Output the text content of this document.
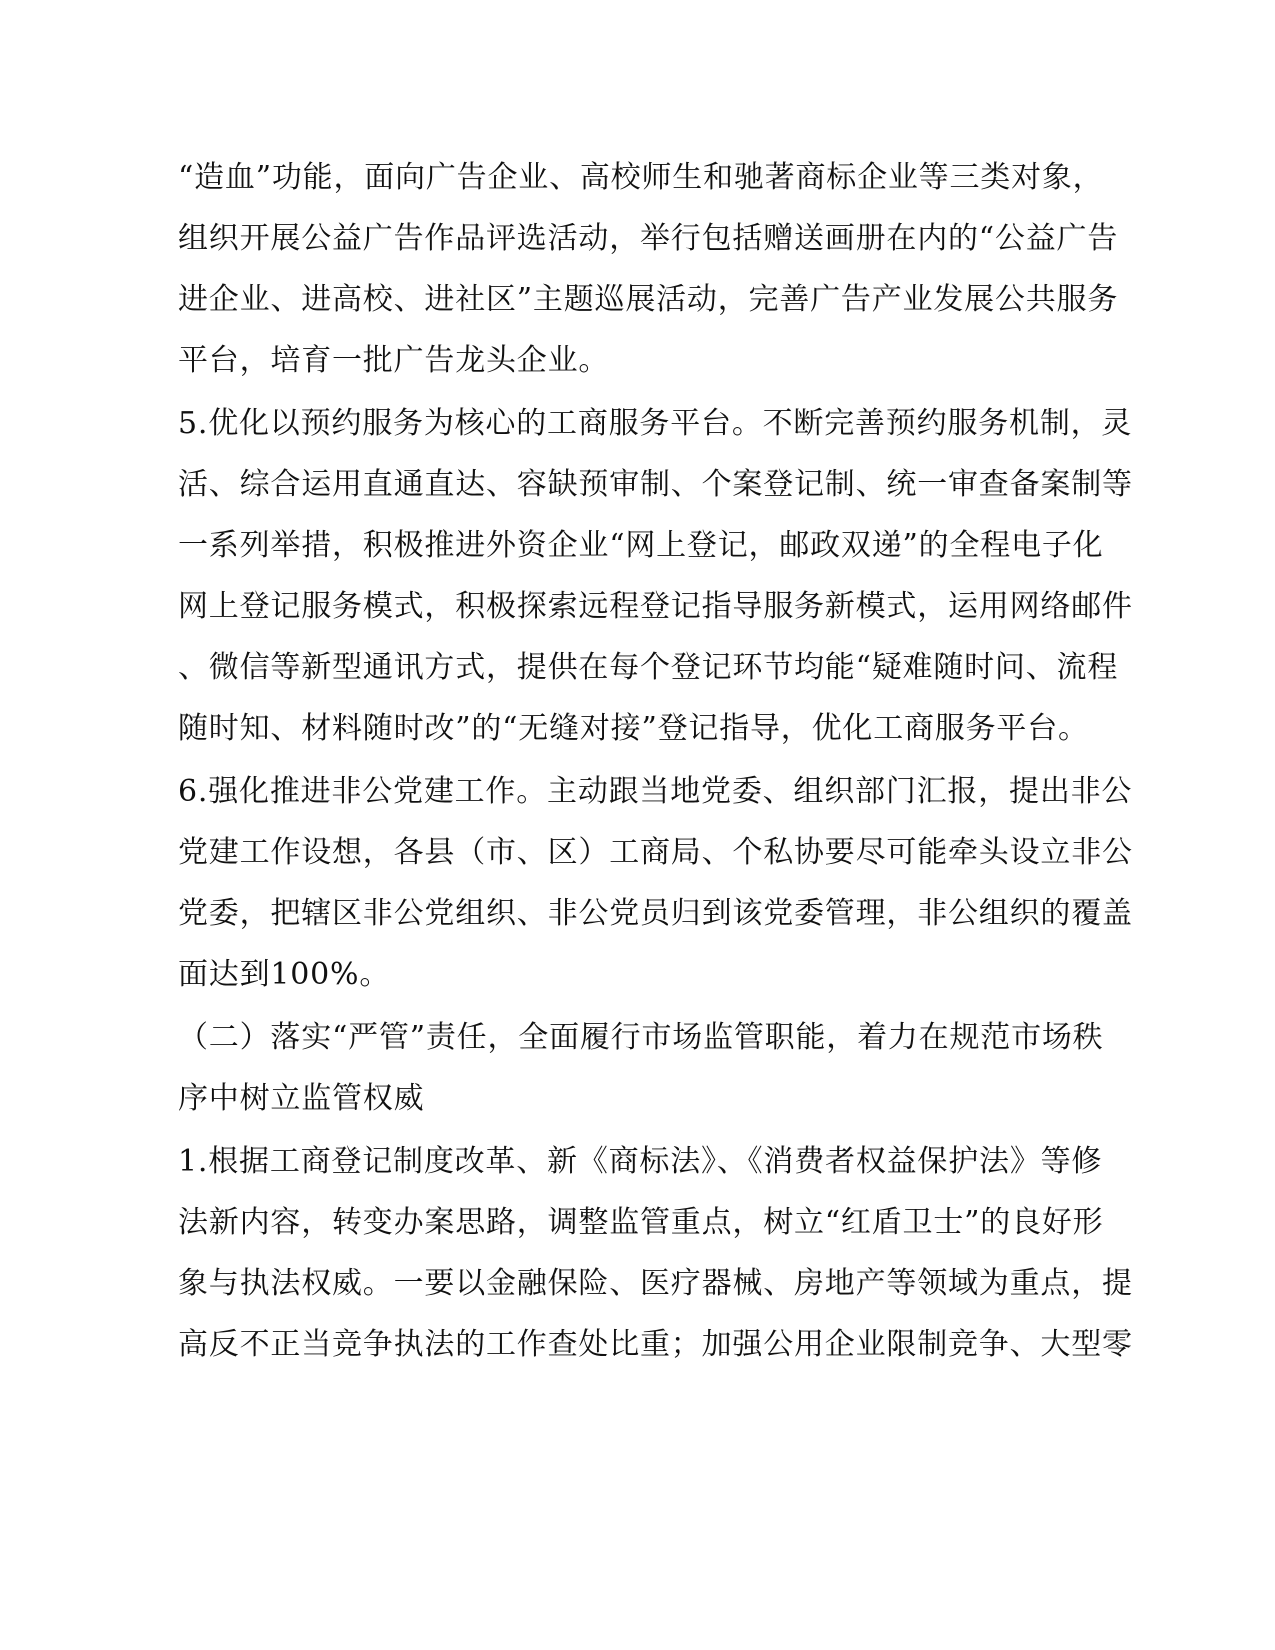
“造血”功能，面向广告企业、高校师生和驰著商标企业等三类对象，
组织开展公益广告作品评选活动，举行包括赠送画册在内的“公益广告
进企业、进高校、进社区”主题巡展活动，完善广告产业发展公共服务
平台，培育一批广告龙头企业。
5.优化以预约服务为核心的工商服务平台。不断完善预约服务机制，灵
活、综合运用直通直达、容缺预审制、个案登记制、统一审查备案制等
一系列举措，积极推进外资企业“网上登记，邮政双递”的全程电子化
网上登记服务模式，积极探索远程登记指导服务新模式，运用网络邮件
、微信等新型通讯方式，提供在每个登记环节均能“疑难随时问、流程
随时知、材料随时改”的“无缝对接”登记指导，优化工商服务平台。
6.强化推进非公党建工作。主动跟当地党委、组织部门汇报，提出非公
党建工作设想，各县（市、区）工商局、个私协要尽可能牵头设立非公
党委，把辖区非公党组织、非公党员归到该党委管理，非公组织的覆盖
面达到100%。
（二）落实“严管”责任，全面履行市场监管职能，着力在规范市场秩
序中树立监管权威
1.根据工商登记制度改革、新《商标法》、《消费者权益保护法》等修
法新内容，转变办案思路，调整监管重点，树立“红盾卫士”的良好形
象与执法权威。一要以金融保险、医疗器械、房地产等领域为重点，提
高反不正当竞争执法的工作查处比重；加强公用企业限制竞争、大型零
